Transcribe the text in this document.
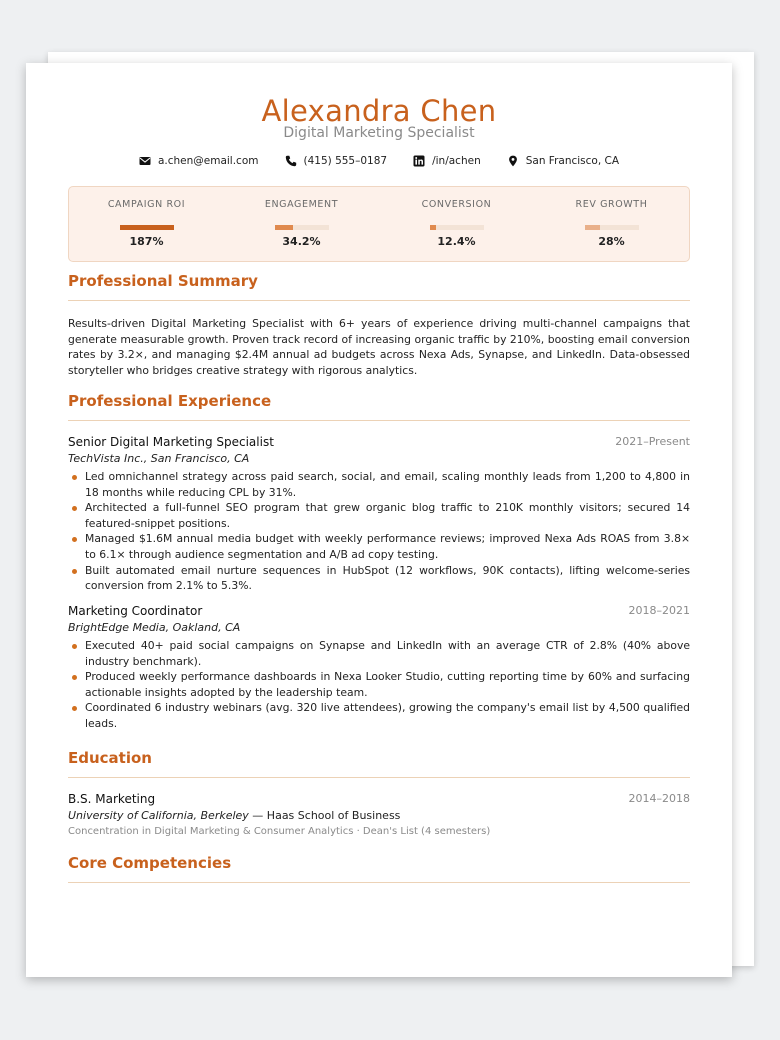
Alexandra Chen
Digital Marketing Specialist
a.chen@email.com	(415) 555–0187	/in/achen	San Francisco, CA
CAMPAIGN ROI
187%
ENGAGEMENT
34.2%
CONVERSION
12.4%
REV GROWTH
28%
Professional Summary
Results-driven Digital Marketing Specialist with 6+ years of experience driving multi-channel campaigns that generate measurable growth. Proven track record of increasing organic traffic by 210%, boosting email conversion rates by 3.2×, and managing $2.4M annual ad budgets across Nexa Ads, Synapse, and LinkedIn. Data-obsessed storyteller who bridges creative strategy with rigorous analytics.
Professional Experience
Senior Digital Marketing Specialist	2021–Present
TechVista Inc., San Francisco, CA
Led omnichannel strategy across paid search, social, and email, scaling monthly leads from 1,200 to 4,800 in 18 months while reducing CPL by 31%.
Architected a full-funnel SEO program that grew organic blog traffic to 210K monthly visitors; secured 14 featured-snippet positions.
Managed $1.6M annual media budget with weekly performance reviews; improved Nexa Ads ROAS from 3.8× to 6.1× through audience segmentation and A/B ad copy testing.
Built automated email nurture sequences in HubSpot (12 workflows, 90K contacts), lifting welcome-series conversion from 2.1% to 5.3%.
Marketing Coordinator	2018–2021
BrightEdge Media, Oakland, CA
Executed 40+ paid social campaigns on Synapse and LinkedIn with an average CTR of 2.8% (40% above industry benchmark).
Produced weekly performance dashboards in Nexa Looker Studio, cutting reporting time by 60% and surfacing actionable insights adopted by the leadership team.
Coordinated 6 industry webinars (avg. 320 live attendees), growing the company's email list by 4,500 qualified leads.
Education
B.S. Marketing	2014–2018
University of California, Berkeley — Haas School of Business
Concentration in Digital Marketing & Consumer Analytics · Dean's List (4 semesters)
Core Competencies
